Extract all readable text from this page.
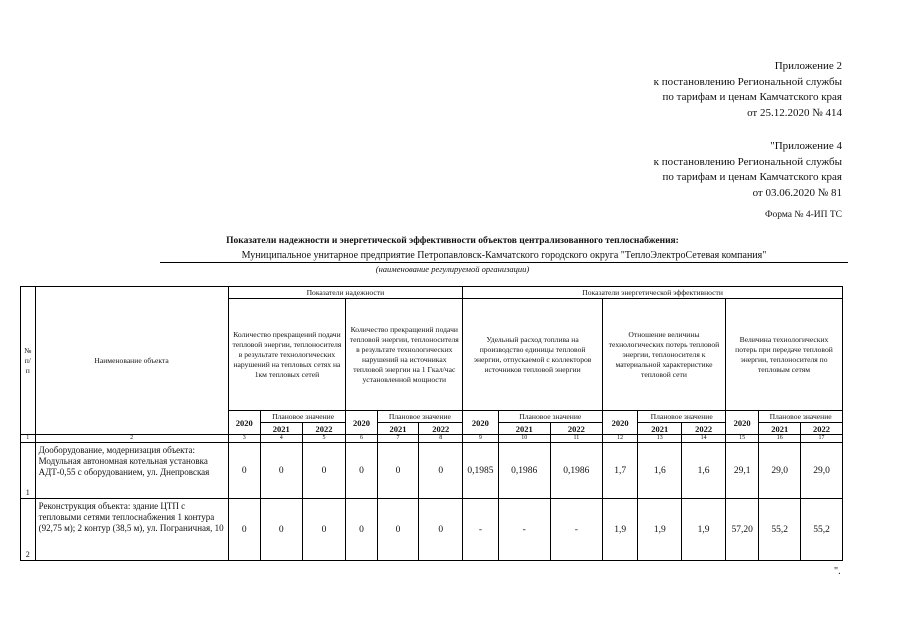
Приложение 2
к постановлению Региональной службы
по тарифам и ценам Камчатского края
от 25.12.2020 № 414
"Приложение 4
к постановлению Региональной службы
по тарифам и ценам Камчатского края
от 03.06.2020 № 81
Форма № 4-ИП ТС
Показатели надежности и энергетической эффективности объектов централизованного теплоснабжения:
Муниципальное унитарное предприятие Петропавловск-Камчатского городского округа "ТеплоЭлектроСетевая компания"
(наименование регулируемой организации)
№ п/ п	Наименование объекта	Показатели надежности						Показатели энергетической эффективности								
		Количество прекращений подачи тепловой энергии, теплоносителя в результате технологических нарушений на тепловых сетях на 1км тепловых сетей			Количество прекращений подачи тепловой энергии, теплоносителя в результате технологических нарушений на источниках тепловой энергии на 1 Гкал/час установленной мощности			Удельный расход топлива на производство единицы тепловой энергии, отпускаемой с коллекторов источников тепловой энергии			Отношение величины технологических потерь тепловой энергии, теплоносителя к материальной характеристике тепловой сети			Величина технологических потерь при передаче тепловой энергии, теплоносителя по тепловым сетям		
		2020	Плановое значение		2020	Плановое значение		2020	Плановое значение		2020	Плановое значение		2020	Плановое значение	
			2021	2022		2021	2022		2021	2022		2021	2022		2021	2022
1	2	3	4	5	6	7	8	9	10	11	12	13	14	15	16	17
1	Дооборудование, модернизация объекта: Модульная автономная котельная установка АДТ-0,55 с оборудованием, ул. Днепровская	0	0	0	0	0	0	0,1985	0,1986	0,1986	1,7	1,6	1,6	29,1	29,0	29,0
2	Реконструкция объекта: здание ЦТП с тепловыми сетями теплоснабжения 1 контура (92,75 м); 2 контур (38,5 м), ул. Пограничная, 10	0	0	0	0	0	0	-	-	-	1,9	1,9	1,9	57,20	55,2	55,2
".
